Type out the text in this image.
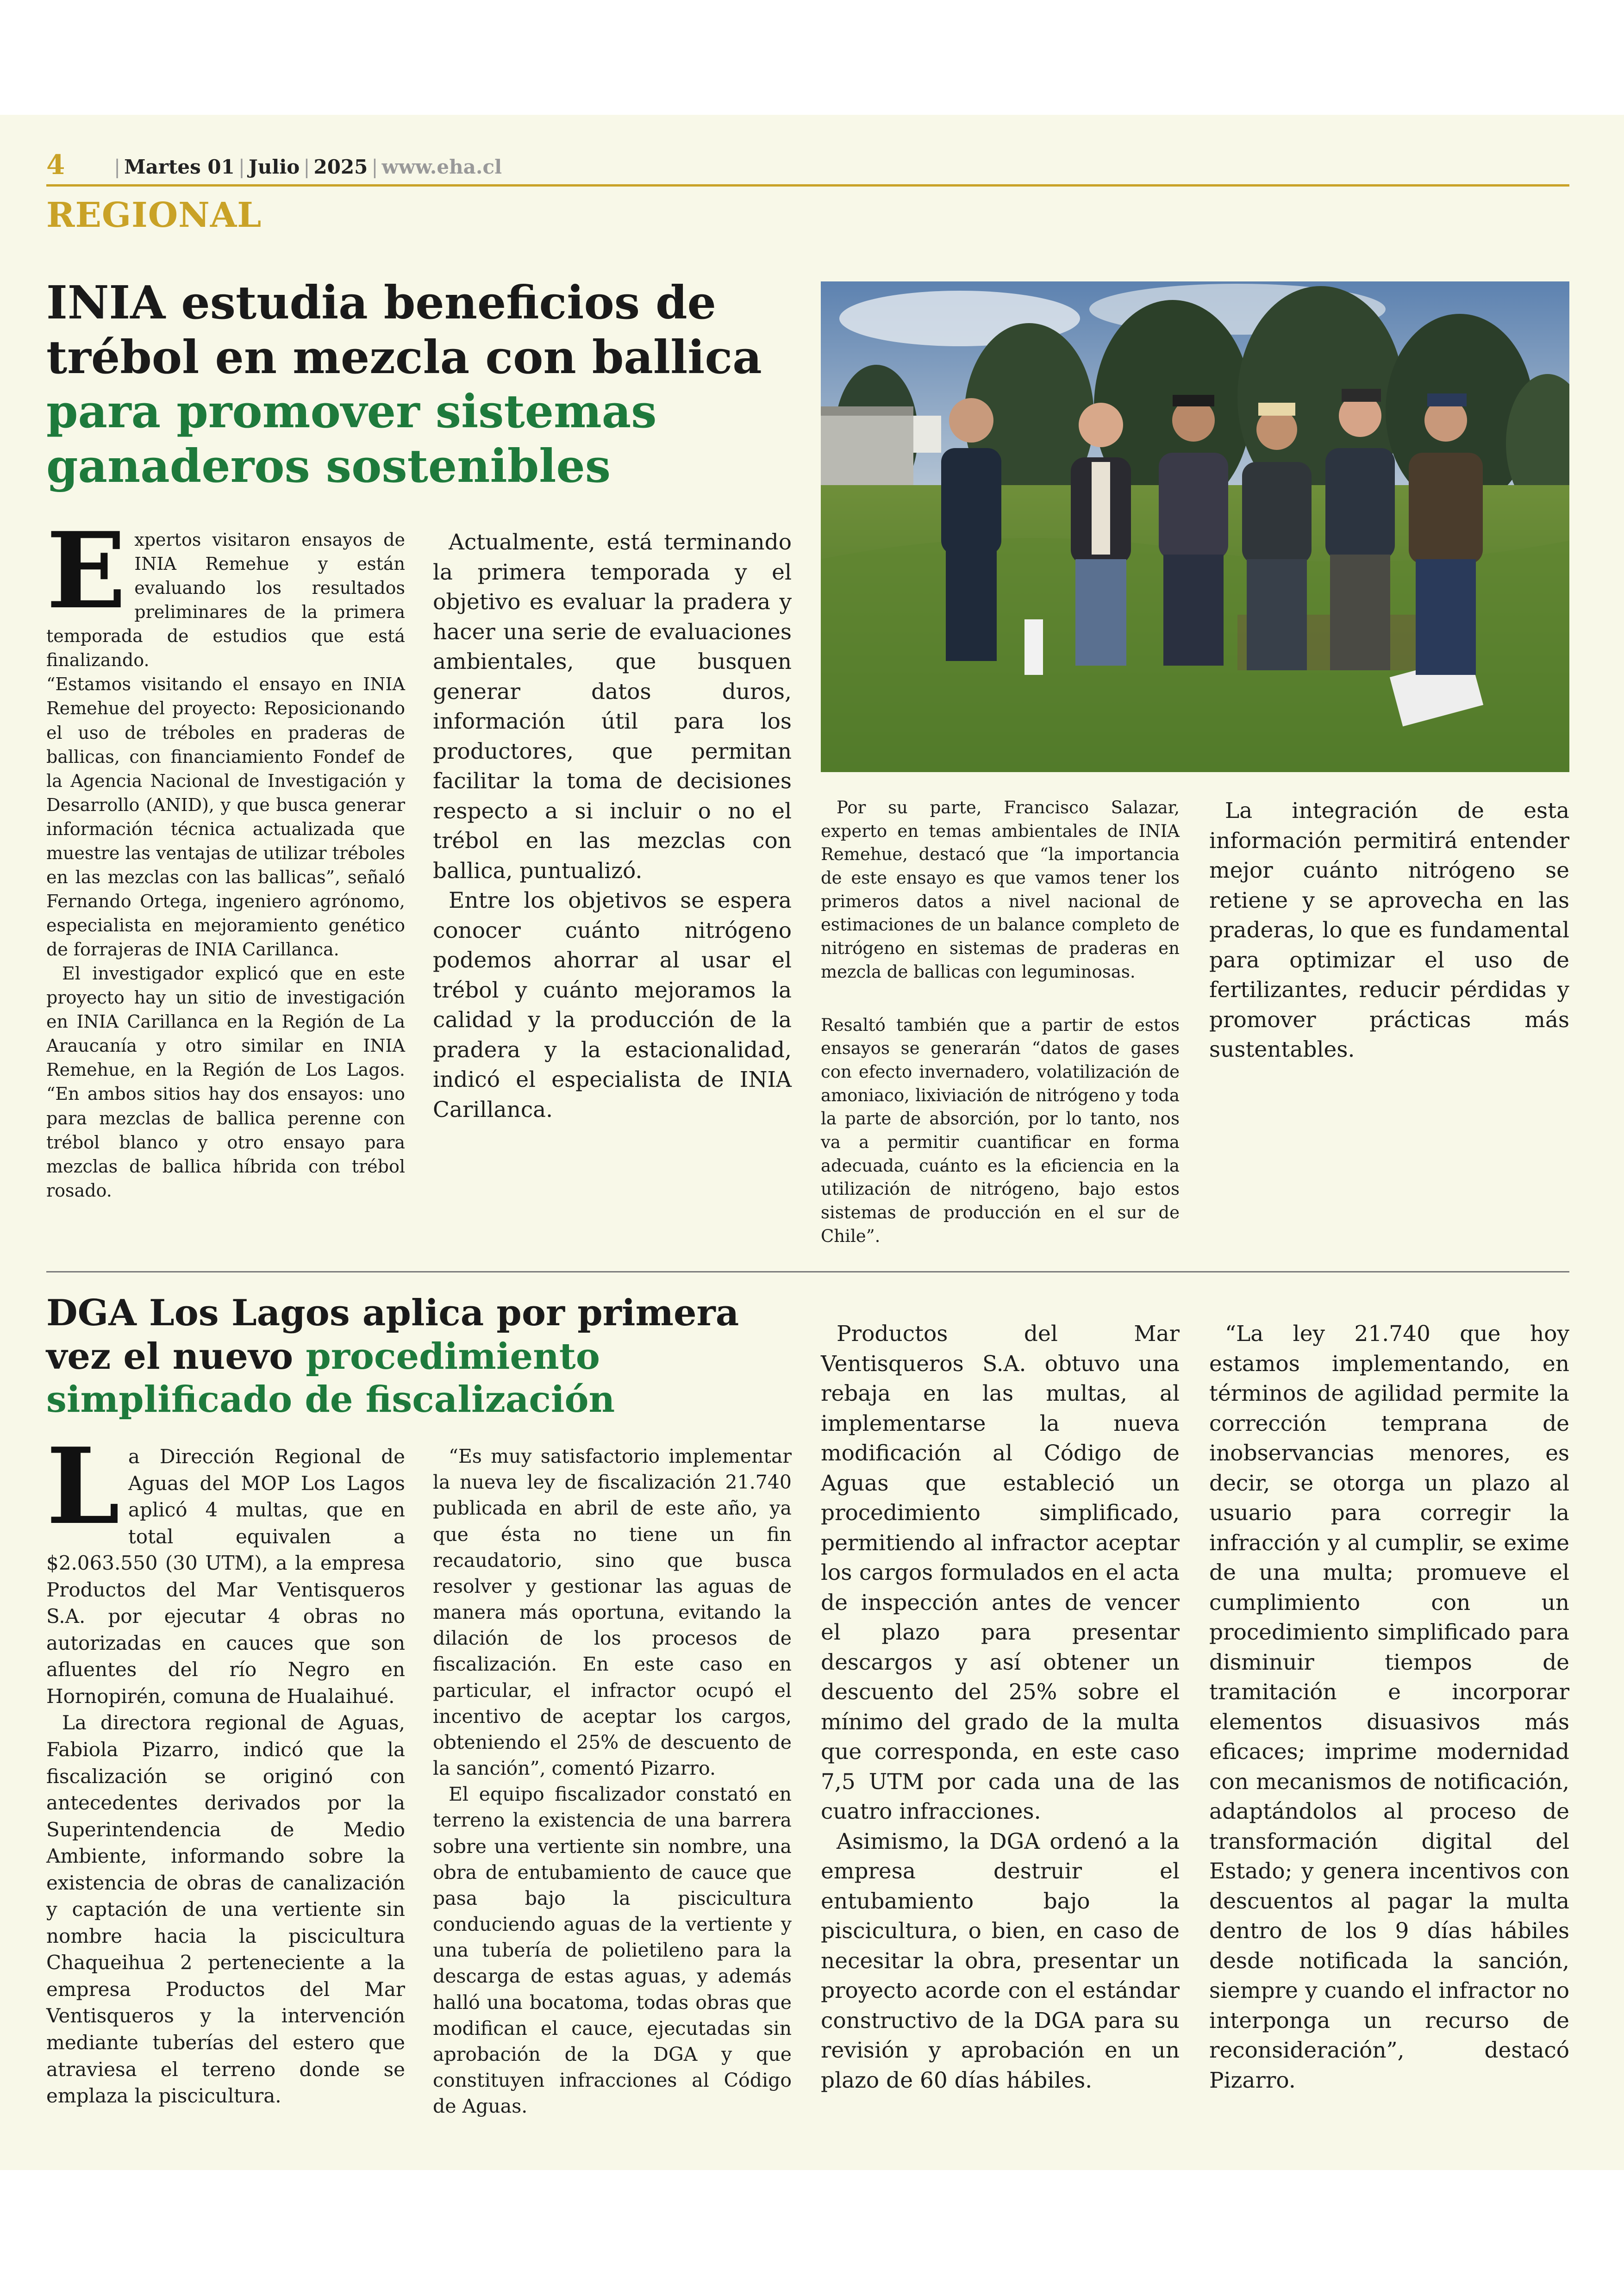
4	| Martes 01 | Julio | 2025 | www.eha.cl
REGIONAL
INIA estudia beneficios de trébol en mezcla con ballica
para promover sistemas ganaderos sostenibles
E xpertos visitaron ensayos de INIA Remehue y están evaluando los resultados preliminares de la primera temporada de estudios que está finalizando.

“Estamos visitando el ensayo en INIA Remehue del proyecto: Reposicionando el uso de tréboles en praderas de ballicas, con financiamiento Fondef de la Agencia Nacional de Investigación y Desarrollo (ANID), y que busca generar información técnica actualizada que muestre las ventajas de utilizar tréboles en las mezclas con las ballicas”, señaló Fernando Ortega, ingeniero agrónomo, especialista en mejoramiento genético de forrajeras de INIA Carillanca.

El investigador explicó que en este proyecto hay un sitio de investigación en INIA Carillanca en la Región de La Araucanía y otro similar en INIA Remehue, en la Región de Los Lagos. “En ambos sitios hay dos ensayos: uno para mezclas de ballica perenne con trébol blanco y otro ensayo para mezclas de ballica híbrida con trébol rosado.

Actualmente, está terminando la primera temporada y el objetivo es evaluar la pradera y hacer una serie de evaluaciones ambientales, que busquen generar datos duros, información útil para los productores, que permitan facilitar la toma de decisiones respecto a si incluir o no el trébol en las mezclas con ballica, puntualizó.

Entre los objetivos se espera conocer cuánto nitrógeno podemos ahorrar al usar el trébol y cuánto mejoramos la calidad y la producción de la pradera y la estacionalidad, indicó el especialista de INIA Carillanca.

Por su parte, Francisco Salazar, experto en temas ambientales de INIA Remehue, destacó que “la importancia de este ensayo es que vamos tener los primeros datos a nivel nacional de estimaciones de un balance completo de nitrógeno en sistemas de praderas en mezcla de ballicas con leguminosas.

Resaltó también que a partir de estos ensayos se generarán “datos de gases con efecto invernadero, volatilización de amoniaco, lixiviación de nitrógeno y toda la parte de absorción, por lo tanto, nos va a permitir cuantificar en forma adecuada, cuánto es la eficiencia en la utilización de nitrógeno, bajo estos sistemas de producción en el sur de Chile”.

La integración de esta información permitirá entender mejor cuánto nitrógeno se retiene y se aprovecha en las praderas, lo que es fundamental para optimizar el uso de fertilizantes, reducir pérdidas y promover prácticas más sustentables.

DGA Los Lagos aplica por primera vez el nuevo procedimiento simplificado de fiscalización
L a Dirección Regional de Aguas del MOP Los Lagos aplicó 4 multas, que en total equivalen a $2.063.550 (30 UTM), a la empresa Productos del Mar Ventisqueros S.A. por ejecutar 4 obras no autorizadas en cauces que son afluentes del río Negro en Hornopirén, comuna de Hualaihué.

La directora regional de Aguas, Fabiola Pizarro, indicó que la fiscalización se originó con antecedentes derivados por la Superintendencia de Medio Ambiente, informando sobre la existencia de obras de canalización y captación de una vertiente sin nombre hacia la piscicultura Chaqueihua 2 perteneciente a la empresa Productos del Mar Ventisqueros y la intervención mediante tuberías del estero que atraviesa el terreno donde se emplaza la piscicultura.

“Es muy satisfactorio implementar la nueva ley de fiscalización 21.740 publicada en abril de este año, ya que ésta no tiene un fin recaudatorio, sino que busca resolver y gestionar las aguas de manera más oportuna, evitando la dilación de los procesos de fiscalización. En este caso en particular, el infractor ocupó el incentivo de aceptar los cargos, obteniendo el 25% de descuento de la sanción”, comentó Pizarro.

El equipo fiscalizador constató en terreno la existencia de una barrera sobre una vertiente sin nombre, una obra de entubamiento de cauce que pasa bajo la piscicultura conduciendo aguas de la vertiente y una tubería de polietileno para la descarga de estas aguas, y además halló una bocatoma, todas obras que modifican el cauce, ejecutadas sin aprobación de la DGA y que constituyen infracciones al Código de Aguas.

Productos del Mar Ventisqueros S.A. obtuvo una rebaja en las multas, al implementarse la nueva modificación al Código de Aguas que estableció un procedimiento simplificado, permitiendo al infractor aceptar los cargos formulados en el acta de inspección antes de vencer el plazo para presentar descargos y así obtener un descuento del 25% sobre el mínimo del grado de la multa que corresponda, en este caso 7,5 UTM por cada una de las cuatro infracciones.

Asimismo, la DGA ordenó a la empresa destruir el entubamiento bajo la piscicultura, o bien, en caso de necesitar la obra, presentar un proyecto acorde con el estándar constructivo de la DGA para su revisión y aprobación en un plazo de 60 días hábiles.

“La ley 21.740 que hoy estamos implementando, en términos de agilidad permite la corrección temprana de inobservancias menores, es decir, se otorga un plazo al usuario para corregir la infracción y al cumplir, se exime de una multa; promueve el cumplimiento con un procedimiento simplificado para disminuir tiempos de tramitación e incorporar elementos disuasivos más eficaces; imprime modernidad con mecanismos de notificación, adaptándolos al proceso de transformación digital del Estado; y genera incentivos con descuentos al pagar la multa dentro de los 9 días hábiles desde notificada la sanción, siempre y cuando el infractor no interponga un recurso de reconsideración”, destacó Pizarro.
